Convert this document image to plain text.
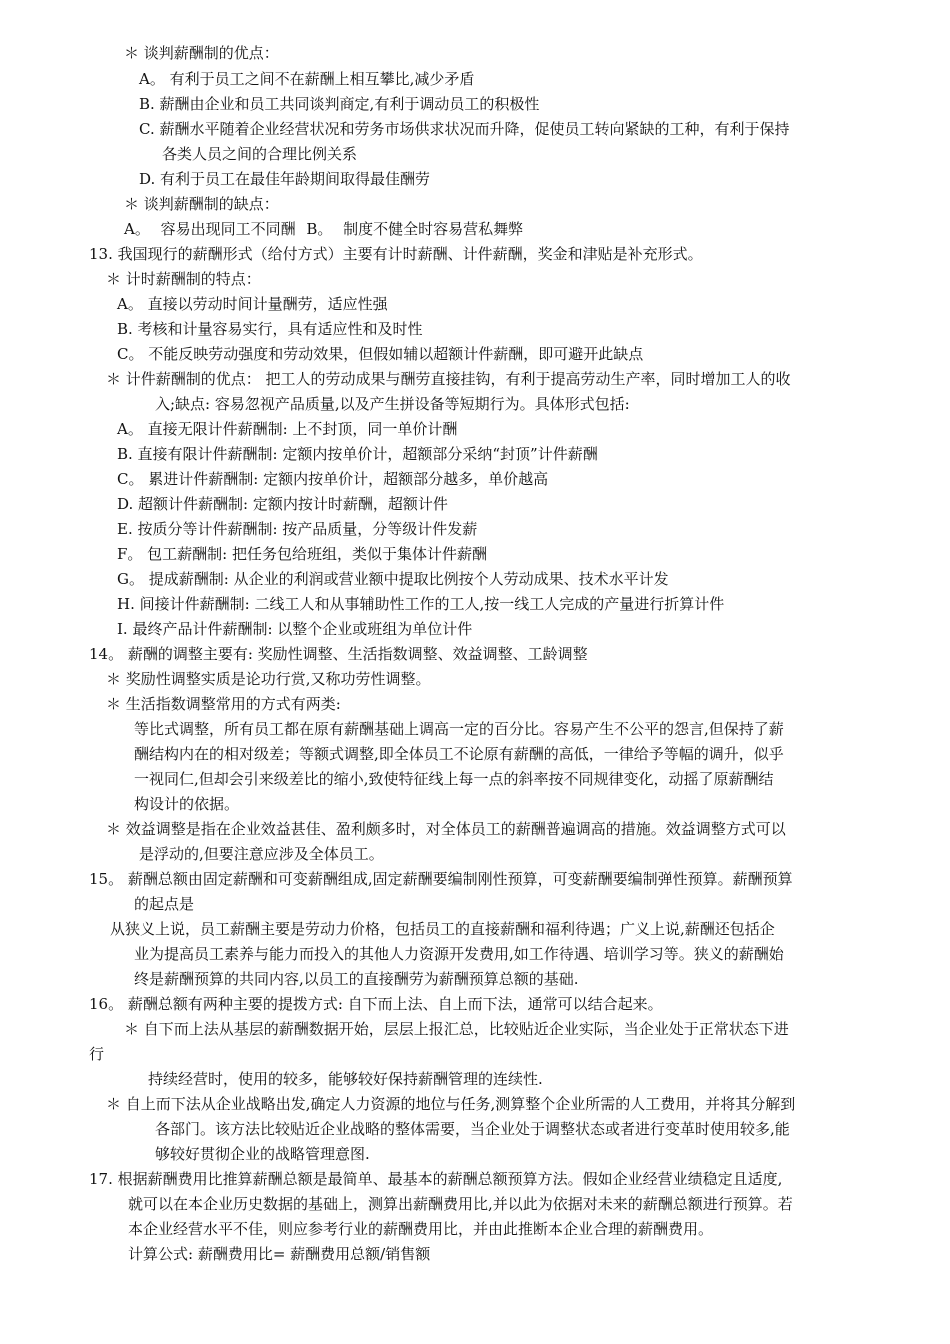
＊ 谈判薪酬制的优点：
A。 有利于员工之间不在薪酬上相互攀比,减少矛盾
B. 薪酬由企业和员工共同谈判商定,有利于调动员工的积极性
C. 薪酬水平随着企业经营状况和劳务市场供求状况而升降，促使员工转向紧缺的工种，有利于保持
各类人员之间的合理比例关系
D. 有利于员工在最佳年龄期间取得最佳酬劳
＊ 谈判薪酬制的缺点：
A。 容易出现同工不同酬 B。 制度不健全时容易营私舞弊
13. 我国现行的薪酬形式（给付方式）主要有计时薪酬、计件薪酬，奖金和津贴是补充形式。
＊ 计时薪酬制的特点：
A。 直接以劳动时间计量酬劳，适应性强
B. 考核和计量容易实行，具有适应性和及时性
C。 不能反映劳动强度和劳动效果，但假如辅以超额计件薪酬，即可避开此缺点
＊ 计件薪酬制的优点： 把工人的劳动成果与酬劳直接挂钩，有利于提高劳动生产率，同时增加工人的收
入;缺点: 容易忽视产品质量,以及产生拼设备等短期行为。具体形式包括:
A。 直接无限计件薪酬制: 上不封顶，同一单价计酬
B. 直接有限计件薪酬制: 定额内按单价计，超额部分采纳“封顶”计件薪酬
C。 累进计件薪酬制: 定额内按单价计，超额部分越多，单价越高
D. 超额计件薪酬制: 定额内按计时薪酬，超额计件
E. 按质分等计件薪酬制: 按产品质量，分等级计件发薪
F。 包工薪酬制: 把任务包给班组，类似于集体计件薪酬
G。 提成薪酬制: 从企业的利润或营业额中提取比例按个人劳动成果、技术水平计发
H. 间接计件薪酬制: 二线工人和从事辅助性工作的工人,按一线工人完成的产量进行折算计件
I. 最终产品计件薪酬制: 以整个企业或班组为单位计件
14。 薪酬的调整主要有: 奖励性调整、生活指数调整、效益调整、工龄调整
＊ 奖励性调整实质是论功行赏,又称功劳性调整。
＊ 生活指数调整常用的方式有两类:
等比式调整，所有员工都在原有薪酬基础上调高一定的百分比。容易产生不公平的怨言,但保持了薪
酬结构内在的相对级差；等额式调整,即全体员工不论原有薪酬的高低，一律给予等幅的调升，似乎
一视同仁,但却会引来级差比的缩小,致使特征线上每一点的斜率按不同规律变化，动摇了原薪酬结
构设计的依据。
＊ 效益调整是指在企业效益甚佳、盈利颇多时，对全体员工的薪酬普遍调高的措施。效益调整方式可以
是浮动的,但要注意应涉及全体员工。
15。 薪酬总额由固定薪酬和可变薪酬组成,固定薪酬要编制刚性预算，可变薪酬要编制弹性预算。薪酬预算
的起点是
从狭义上说，员工薪酬主要是劳动力价格，包括员工的直接薪酬和福利待遇；广义上说,薪酬还包括企
业为提高员工素养与能力而投入的其他人力资源开发费用,如工作待遇、培训学习等。狭义的薪酬始
终是薪酬预算的共同内容,以员工的直接酬劳为薪酬预算总额的基础.
16。 薪酬总额有两种主要的提拨方式: 自下而上法、自上而下法，通常可以结合起来。
＊ 自下而上法从基层的薪酬数据开始，层层上报汇总，比较贴近企业实际，当企业处于正常状态下进
行
持续经营时，使用的较多，能够较好保持薪酬管理的连续性.
＊ 自上而下法从企业战略出发,确定人力资源的地位与任务,测算整个企业所需的人工费用，并将其分解到
各部门。该方法比较贴近企业战略的整体需要，当企业处于调整状态或者进行变革时使用较多,能
够较好贯彻企业的战略管理意图.
17. 根据薪酬费用比推算薪酬总额是最简单、最基本的薪酬总额预算方法。假如企业经营业绩稳定且适度,
就可以在本企业历史数据的基础上，测算出薪酬费用比,并以此为依据对未来的薪酬总额进行预算。若
本企业经营水平不佳，则应参考行业的薪酬费用比，并由此推断本企业合理的薪酬费用。
计算公式: 薪酬费用比= 薪酬费用总额/销售额
